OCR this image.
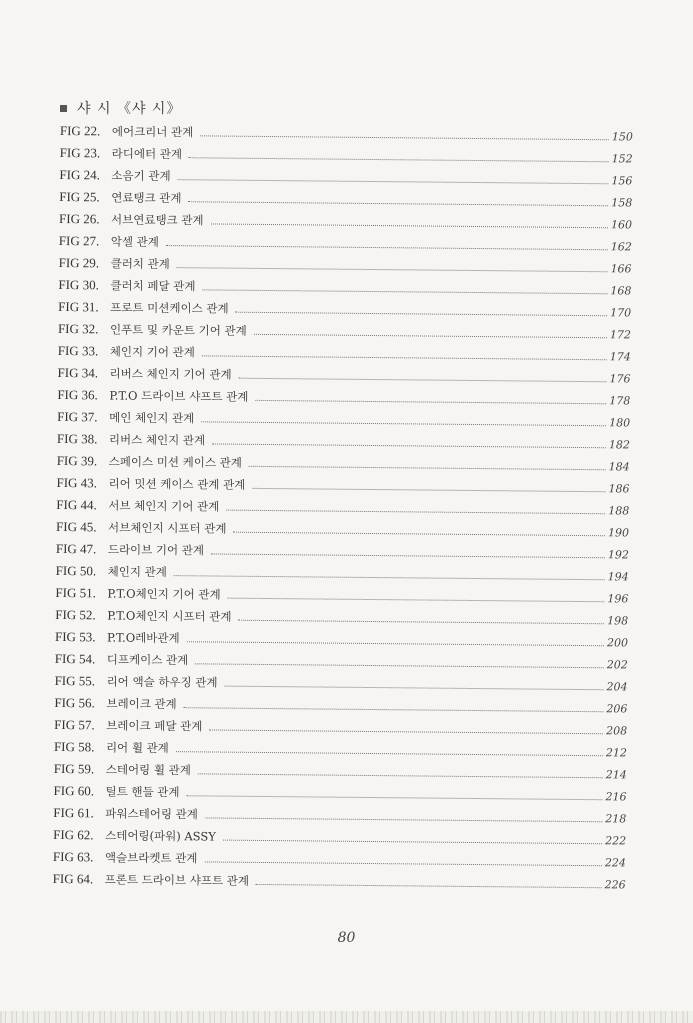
샤 시 《샤 시》
FIG 22. 에어크리너 관계	150
FIG 23. 라디에터 관계	152
FIG 24. 소음기 관계	156
FIG 25. 연료탱크 관계	158
FIG 26. 서브연료탱크 관계	160
FIG 27. 악셀 관계	162
FIG 29. 클러치 관계	166
FIG 30. 클러치 페달 관계	168
FIG 31. 프로트 미션케이스 관계	170
FIG 32. 인푸트 및 카운트 기어 관계	172
FIG 33. 체인지 기어 관계	174
FIG 34. 리버스 체인지 기어 관계	176
FIG 36. P.T.O 드라이브 샤프트 관계	178
FIG 37. 메인 체인지 관계	180
FIG 38. 리버스 체인지 관계	182
FIG 39. 스페이스 미션 케이스 관계	184
FIG 43. 리어 밋션 케이스 관계 관계	186
FIG 44. 서브 체인지 기어 관계	188
FIG 45. 서브체인지 시프터 관계	190
FIG 47. 드라이브 기어 관계	192
FIG 50. 체인지 관계	194
FIG 51. P.T.O체인지 기어 관계	196
FIG 52. P.T.O체인지 시프터 관계	198
FIG 53. P.T.O레바관계	200
FIG 54. 디프케이스 관계	202
FIG 55. 리어 액슬 하우징 관계	204
FIG 56. 브레이크 관계	206
FIG 57. 브레이크 페달 관계	208
FIG 58. 리어 휠 관계	212
FIG 59. 스테어링 휠 관계	214
FIG 60. 틸트 핸들 관계	216
FIG 61. 파워스테어링 관계	218
FIG 62. 스테어링(파워) ASSY	222
FIG 63. 액슬브라켓트 관계	224
FIG 64. 프론트 드라이브 샤프트 관계	226
80
